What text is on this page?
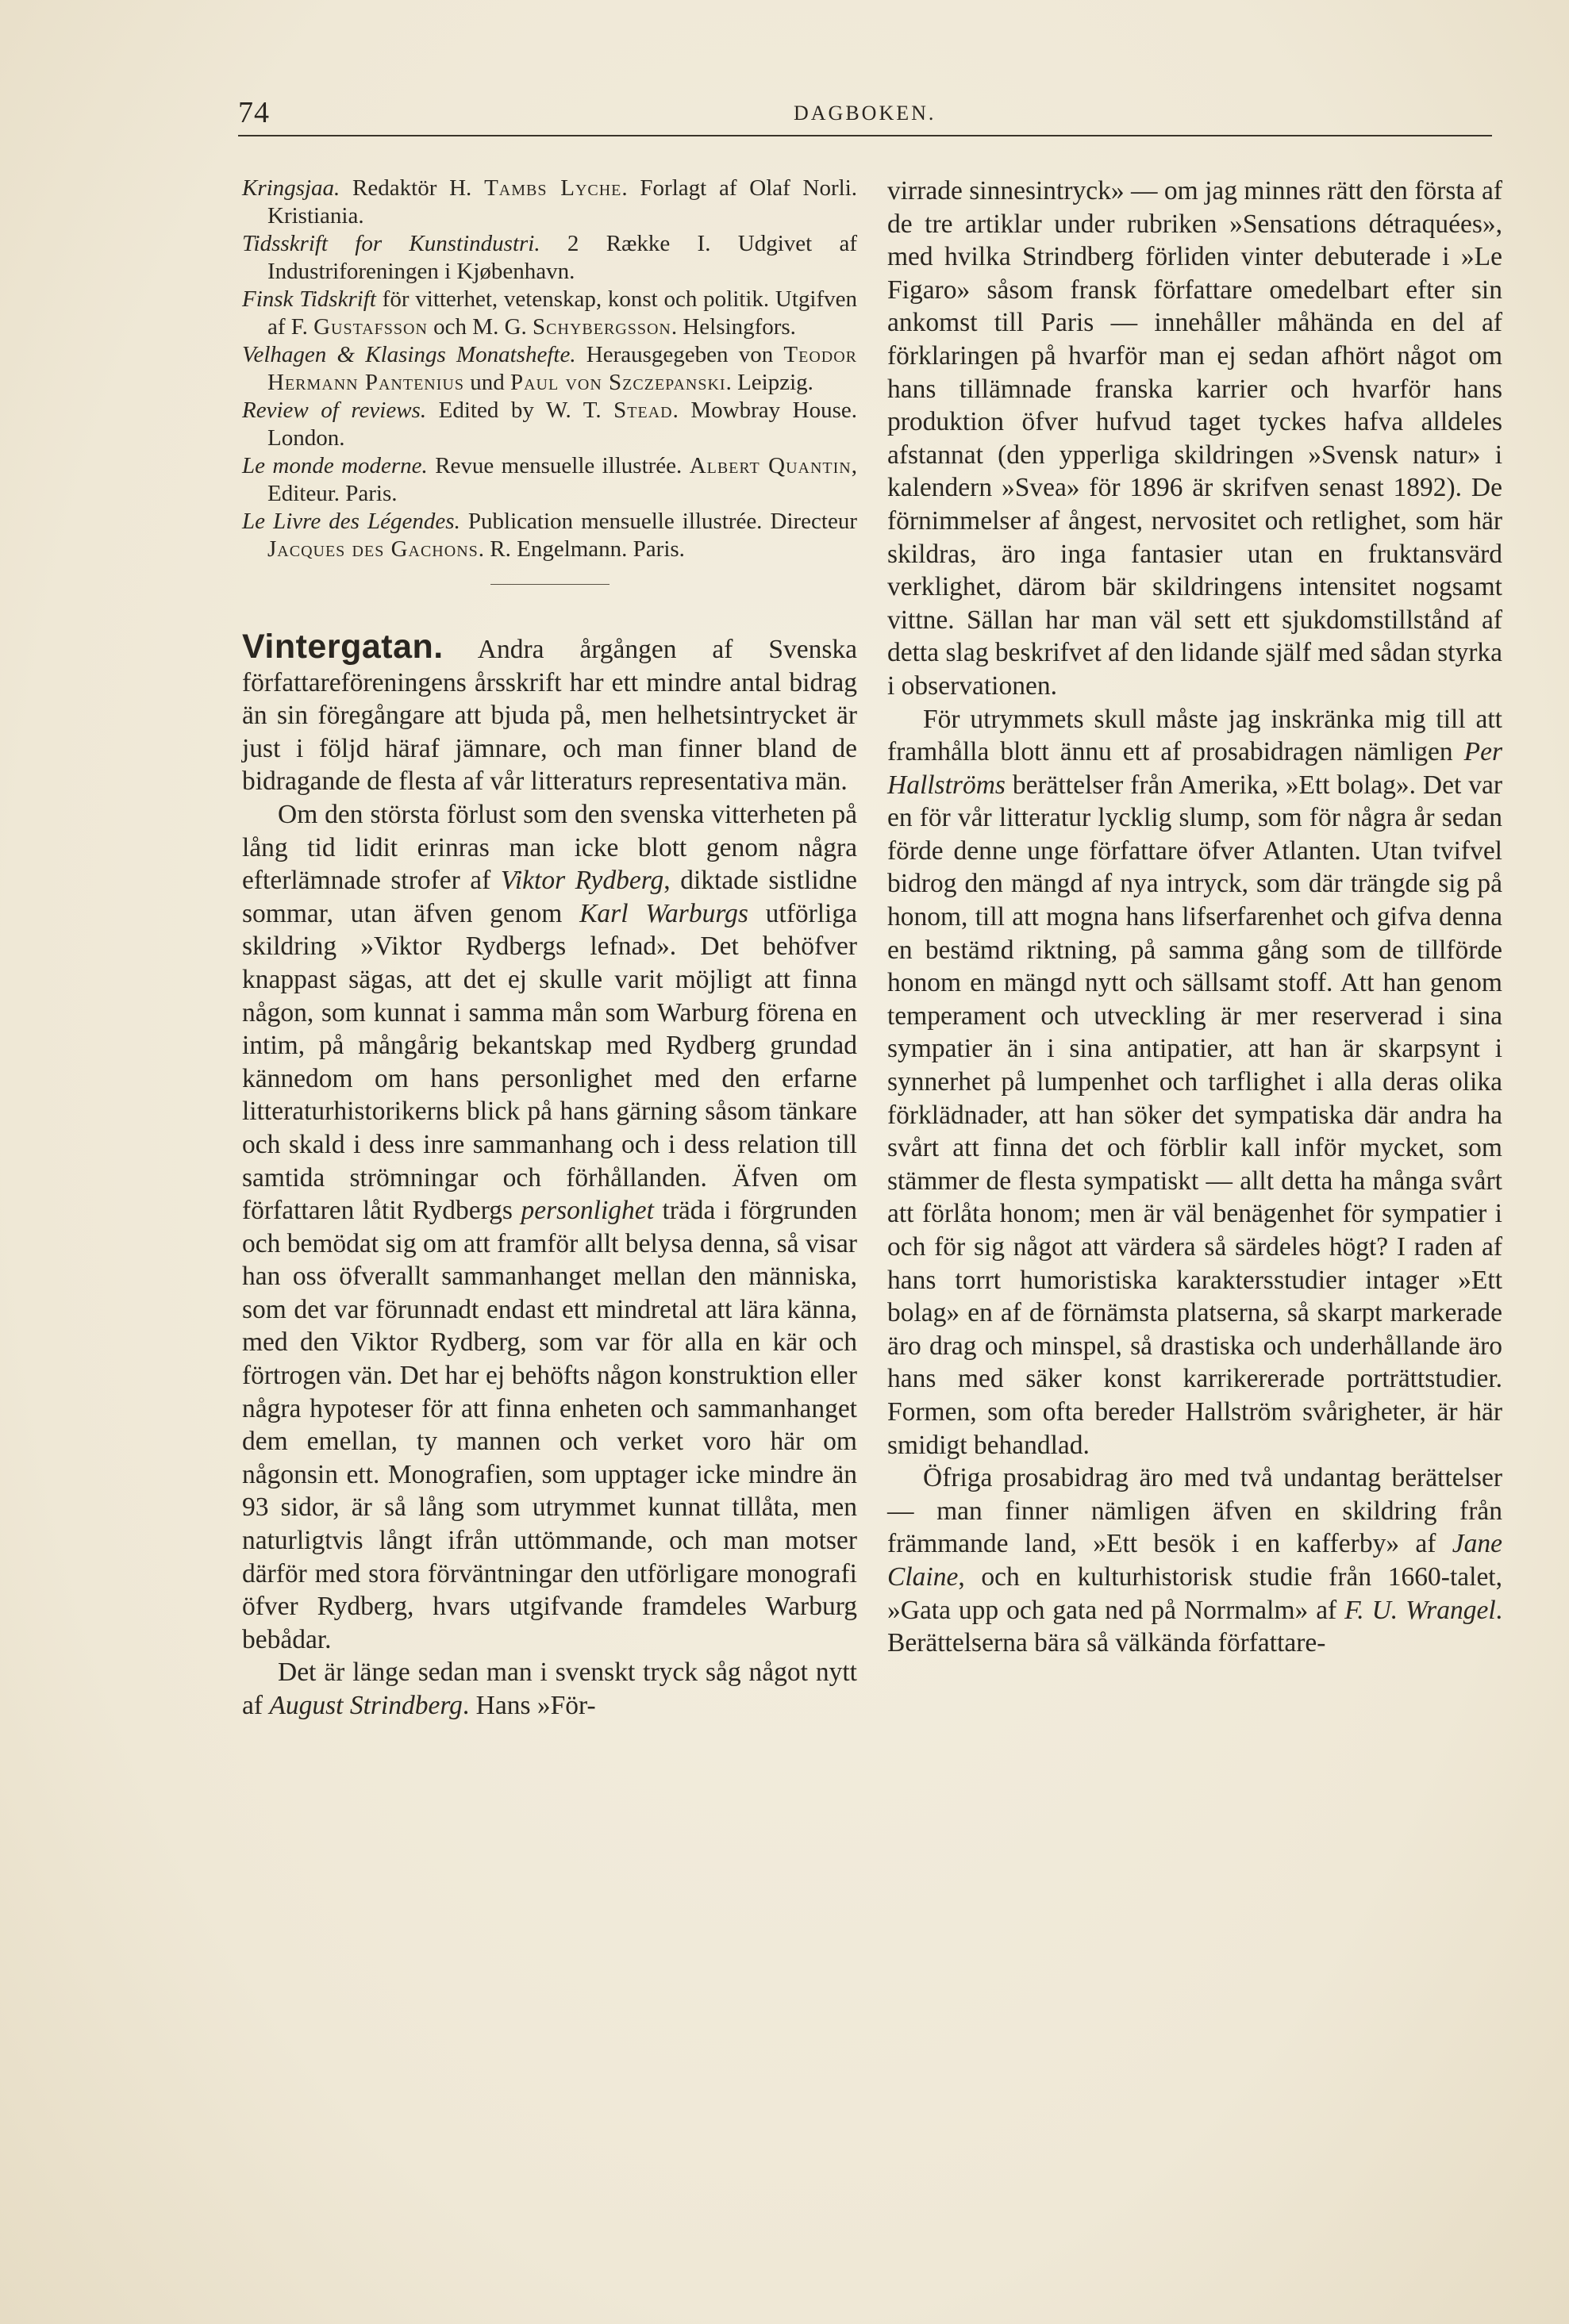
74	DAGBOKEN.

Kringsjaa. Redaktör H. Tambs Lyche. Forlagt af Olaf Norli. Kristiania.

Tidsskrift for Kunstindustri. 2 Række I. Udgivet af Industriforeningen i Kjøbenhavn.

Finsk Tidskrift för vitterhet, vetenskap, konst och politik. Utgifven af F. Gustafsson och M. G. Schybergsson. Helsingfors.

Velhagen & Klasings Monatshefte. Herausgegeben von Teodor Hermann Pantenius und Paul von Szczepanski. Leipzig.

Review of reviews. Edited by W. T. Stead. Mowbray House. London.

Le monde moderne. Revue mensuelle illustrée. Albert Quantin, Editeur. Paris.

Le Livre des Légendes. Publication mensuelle illustrée. Directeur Jacques des Gachons. R. Engelmann. Paris.

Vintergatan. Andra årgången af Svenska författareföreningens årsskrift har ett mindre antal bidrag än sin föregångare att bjuda på, men helhetsintrycket är just i följd häraf jämnare, och man finner bland de bidragande de flesta af vår litteraturs representativa män.

Om den största förlust som den svenska vitterheten på lång tid lidit erinras man icke blott genom några efterlämnade strofer af Viktor Rydberg, diktade sistlidne sommar, utan äfven genom Karl Warburgs utförliga skildring »Viktor Rydbergs lefnad». Det behöfver knappast sägas, att det ej skulle varit möjligt att finna någon, som kunnat i samma mån som Warburg förena en intim, på mångårig bekantskap med Rydberg grundad kännedom om hans personlighet med den erfarne litteraturhistorikerns blick på hans gärning såsom tänkare och skald i dess inre sammanhang och i dess relation till samtida strömningar och förhållanden. Äfven om författaren låtit Rydbergs personlighet träda i förgrunden och bemödat sig om att framför allt belysa denna, så visar han oss öfverallt sammanhanget mellan den människa, som det var förunnadt endast ett mindretal att lära känna, med den Viktor Rydberg, som var för alla en kär och förtrogen vän. Det har ej behöfts någon konstruktion eller några hypoteser för att finna enheten och sammanhanget dem emellan, ty mannen och verket voro här om någonsin ett. Monografien, som upptager icke mindre än 93 sidor, är så lång som utrymmet kunnat tillåta, men naturligtvis långt ifrån uttömmande, och man motser därför med stora förväntningar den utförligare monografi öfver Rydberg, hvars utgifvande framdeles Warburg bebådar.

Det är länge sedan man i svenskt tryck såg något nytt af August Strindberg. Hans »För-

virrade sinnesintryck» — om jag minnes rätt den första af de tre artiklar under rubriken »Sensations détraquées», med hvilka Strindberg förliden vinter debuterade i »Le Figaro» såsom fransk författare omedelbart efter sin ankomst till Paris — innehåller måhända en del af förklaringen på hvarför man ej sedan afhört något om hans tillämnade franska karrier och hvarför hans produktion öfver hufvud taget tyckes hafva alldeles afstannat (den ypperliga skildringen »Svensk natur» i kalendern »Svea» för 1896 är skrifven senast 1892). De förnimmelser af ångest, nervositet och retlighet, som här skildras, äro inga fantasier utan en fruktansvärd verklighet, därom bär skildringens intensitet nogsamt vittne. Sällan har man väl sett ett sjukdomstillstånd af detta slag beskrifvet af den lidande själf med sådan styrka i observationen.

För utrymmets skull måste jag inskränka mig till att framhålla blott ännu ett af prosabidragen nämligen Per Hallströms berättelser från Amerika, »Ett bolag». Det var en för vår litteratur lycklig slump, som för några år sedan förde denne unge författare öfver Atlanten. Utan tvifvel bidrog den mängd af nya intryck, som där trängde sig på honom, till att mogna hans lifserfarenhet och gifva denna en bestämd riktning, på samma gång som de tillförde honom en mängd nytt och sällsamt stoff. Att han genom temperament och utveckling är mer reserverad i sina sympatier än i sina antipatier, att han är skarpsynt i synnerhet på lumpenhet och tarflighet i alla deras olika förklädnader, att han söker det sympatiska där andra ha svårt att finna det och förblir kall inför mycket, som stämmer de flesta sympatiskt — allt detta ha många svårt att förlåta honom; men är väl benägenhet för sympatier i och för sig något att värdera så särdeles högt? I raden af hans torrt humoristiska karaktersstudier intager »Ett bolag» en af de förnämsta platserna, så skarpt markerade äro drag och minspel, så drastiska och underhållande äro hans med säker konst karrikererade porträttstudier. Formen, som ofta bereder Hallström svårigheter, är här smidigt behandlad.

Öfriga prosabidrag äro med två undantag berättelser — man finner nämligen äfven en skildring från främmande land, »Ett besök i en kafferby» af Jane Claine, och en kulturhistorisk studie från 1660-talet, »Gata upp och gata ned på Norrmalm» af F. U. Wrangel. Berättelserna bära så välkända författare-
